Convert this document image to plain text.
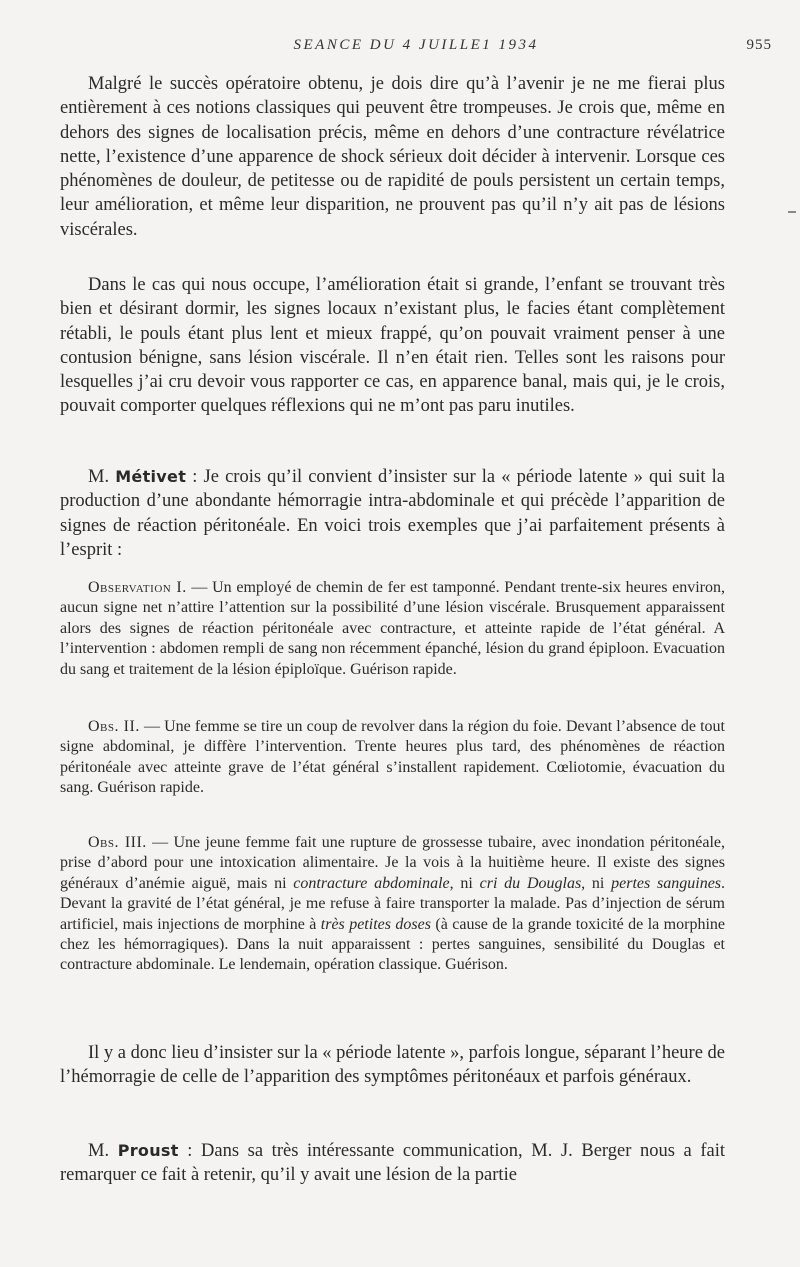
SEANCE DU 4 JUILLE1 1934	955

Malgré le succès opératoire obtenu, je dois dire qu’à l’avenir je ne me fierai plus entièrement à ces notions classiques qui peuvent être trompeuses. Je crois que, même en dehors des signes de localisation précis, même en dehors d’une contracture révélatrice nette, l’existence d’une apparence de shock sérieux doit décider à intervenir. Lorsque ces phénomènes de douleur, de petitesse ou de rapidité de pouls persistent un certain temps, leur amélioration, et même leur disparition, ne prouvent pas qu’il n’y ait pas de lésions viscérales.

Dans le cas qui nous occupe, l’amélioration était si grande, l’enfant se trouvant très bien et désirant dormir, les signes locaux n’existant plus, le facies étant complètement rétabli, le pouls étant plus lent et mieux frappé, qu’on pouvait vraiment penser à une contusion bénigne, sans lésion viscérale. Il n’en était rien. Telles sont les raisons pour lesquelles j’ai cru devoir vous rapporter ce cas, en apparence banal, mais qui, je le crois, pouvait comporter quelques réflexions qui ne m’ont pas paru inutiles.

M. Métivet : Je crois qu’il convient d’insister sur la « période latente » qui suit la production d’une abondante hémorragie intra-abdominale et qui précède l’apparition de signes de réaction péritonéale. En voici trois exemples que j’ai parfaitement présents à l’esprit :

Observation I. — Un employé de chemin de fer est tamponné. Pendant trente-six heures environ, aucun signe net n’attire l’attention sur la possibilité d’une lésion viscérale. Brusquement apparaissent alors des signes de réaction péritonéale avec contracture, et atteinte rapide de l’état général. A l’intervention : abdomen rempli de sang non récemment épanché, lésion du grand épiploon. Evacuation du sang et traitement de la lésion épiploïque. Guérison rapide.

Obs. II. — Une femme se tire un coup de revolver dans la région du foie. Devant l’absence de tout signe abdominal, je diffère l’intervention. Trente heures plus tard, des phénomènes de réaction péritonéale avec atteinte grave de l’état général s’installent rapidement. Cœliotomie, évacuation du sang. Guérison rapide.

Obs. III. — Une jeune femme fait une rupture de grossesse tubaire, avec inondation péritonéale, prise d’abord pour une intoxication alimentaire. Je la vois à la huitième heure. Il existe des signes généraux d’anémie aiguë, mais ni contracture abdominale, ni cri du Douglas, ni pertes sanguines. Devant la gravité de l’état général, je me refuse à faire transporter la malade. Pas d’injection de sérum artificiel, mais injections de morphine à très petites doses (à cause de la grande toxicité de la morphine chez les hémorragiques). Dans la nuit apparaissent : pertes sanguines, sensibilité du Douglas et contracture abdominale. Le lendemain, opération classique. Guérison.

Il y a donc lieu d’insister sur la « période latente », parfois longue, séparant l’heure de l’hémorragie de celle de l’apparition des symptômes péritonéaux et parfois généraux.

M. Proust : Dans sa très intéressante communication, M. J. Berger nous a fait remarquer ce fait à retenir, qu’il y avait une lésion de la partie
